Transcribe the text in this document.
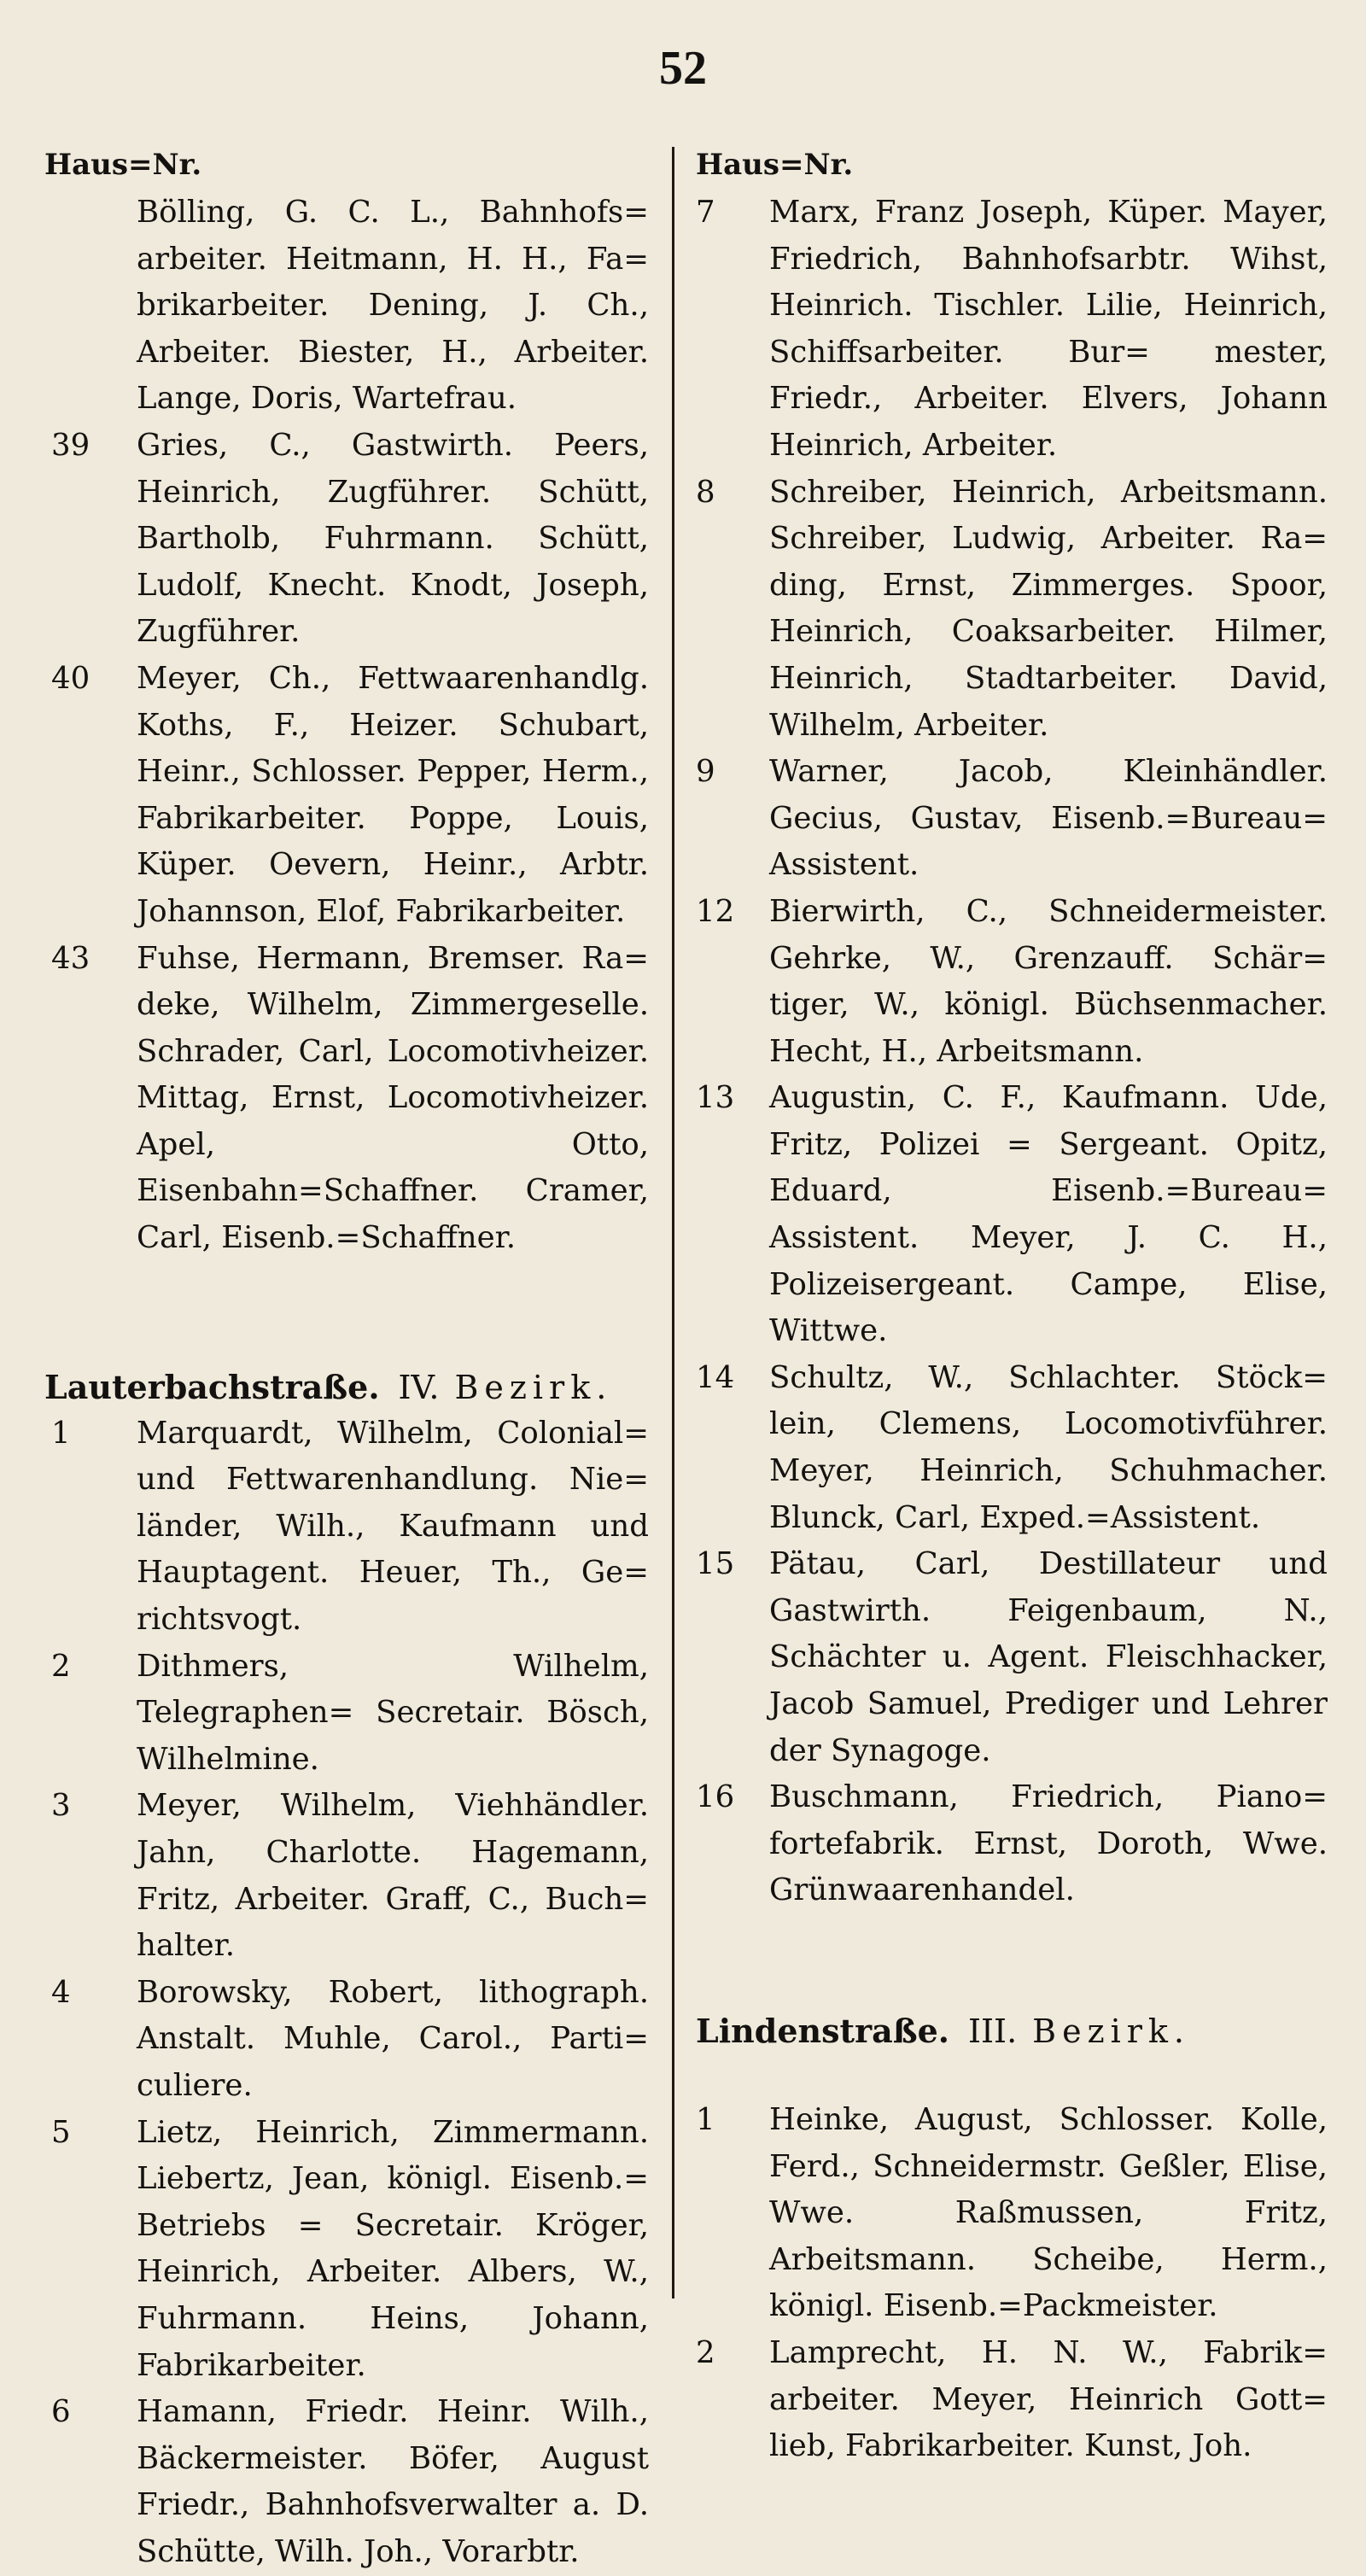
52
Haus=Nr.
Bölling, G. C. L., Bahnhofs= arbeiter. Heitmann, H. H., Fa= brikarbeiter. Dening, J. Ch., Arbeiter. Biester, H., Arbeiter. Lange, Doris, Wartefrau.
39	Gries, C., Gastwirth. Peers, Heinrich, Zugführer. Schütt, Bartholb, Fuhrmann. Schütt, Ludolf, Knecht. Knodt, Joseph, Zugführer.
40	Meyer, Ch., Fettwaarenhandlg. Koths, F., Heizer. Schubart, Heinr., Schlosser. Pepper, Herm., Fabrikarbeiter. Poppe, Louis, Küper. Oevern, Heinr., Arbtr. Johannson, Elof, Fabrikarbeiter.
43	Fuhse, Hermann, Bremser. Ra= deke, Wilhelm, Zimmergeselle. Schrader, Carl, Locomotivheizer. Mittag, Ernst, Locomotivheizer. Apel, Otto, Eisenbahn=Schaffner. Cramer, Carl, Eisenb.=Schaffner.
Lauterbachstraße. IV. Bezirk.
1	Marquardt, Wilhelm, Colonial= und Fettwarenhandlung. Nie= länder, Wilh., Kaufmann und Hauptagent. Heuer, Th., Ge= richtsvogt.
2	Dithmers, Wilhelm, Telegraphen= Secretair. Bösch, Wilhelmine.
3	Meyer, Wilhelm, Viehhändler. Jahn, Charlotte. Hagemann, Fritz, Arbeiter. Graff, C., Buch= halter.
4	Borowsky, Robert, lithograph. Anstalt. Muhle, Carol., Parti= culiere.
5	Lietz, Heinrich, Zimmermann. Liebertz, Jean, königl. Eisenb.= Betriebs = Secretair. Kröger, Heinrich, Arbeiter. Albers, W., Fuhrmann. Heins, Johann, Fabrikarbeiter.
6	Hamann, Friedr. Heinr. Wilh., Bäckermeister. Böfer, August Friedr., Bahnhofsverwalter a. D. Schütte, Wilh. Joh., Vorarbtr.
Haus=Nr.
7	Marx, Franz Joseph, Küper. Mayer, Friedrich, Bahnhofsarbtr. Wihst, Heinrich. Tischler. Lilie, Heinrich, Schiffsarbeiter. Bur= mester, Friedr., Arbeiter. Elvers, Johann Heinrich, Arbeiter.
8	Schreiber, Heinrich, Arbeitsmann. Schreiber, Ludwig, Arbeiter. Ra= ding, Ernst, Zimmerges. Spoor, Heinrich, Coaksarbeiter. Hilmer, Heinrich, Stadtarbeiter. David, Wilhelm, Arbeiter.
9	Warner, Jacob, Kleinhändler. Gecius, Gustav, Eisenb.=Bureau= Assistent.
12	Bierwirth, C., Schneidermeister. Gehrke, W., Grenzauff. Schär= tiger, W., königl. Büchsenmacher. Hecht, H., Arbeitsmann.
13	Augustin, C. F., Kaufmann. Ude, Fritz, Polizei = Sergeant. Opitz, Eduard, Eisenb.=Bureau= Assistent. Meyer, J. C. H., Polizeisergeant. Campe, Elise, Wittwe.
14	Schultz, W., Schlachter. Stöck= lein, Clemens, Locomotivführer. Meyer, Heinrich, Schuhmacher. Blunck, Carl, Exped.=Assistent.
15	Pätau, Carl, Destillateur und Gastwirth. Feigenbaum, N., Schächter u. Agent. Fleischhacker, Jacob Samuel, Prediger und Lehrer der Synagoge.
16	Buschmann, Friedrich, Piano= fortefabrik. Ernst, Doroth, Wwe. Grünwaarenhandel.
Lindenstraße. III. Bezirk.
1	Heinke, August, Schlosser. Kolle, Ferd., Schneidermstr. Geßler, Elise, Wwe. Raßmussen, Fritz, Arbeitsmann. Scheibe, Herm., königl. Eisenb.=Packmeister.
2	Lamprecht, H. N. W., Fabrik= arbeiter. Meyer, Heinrich Gott= lieb, Fabrikarbeiter. Kunst, Joh.
